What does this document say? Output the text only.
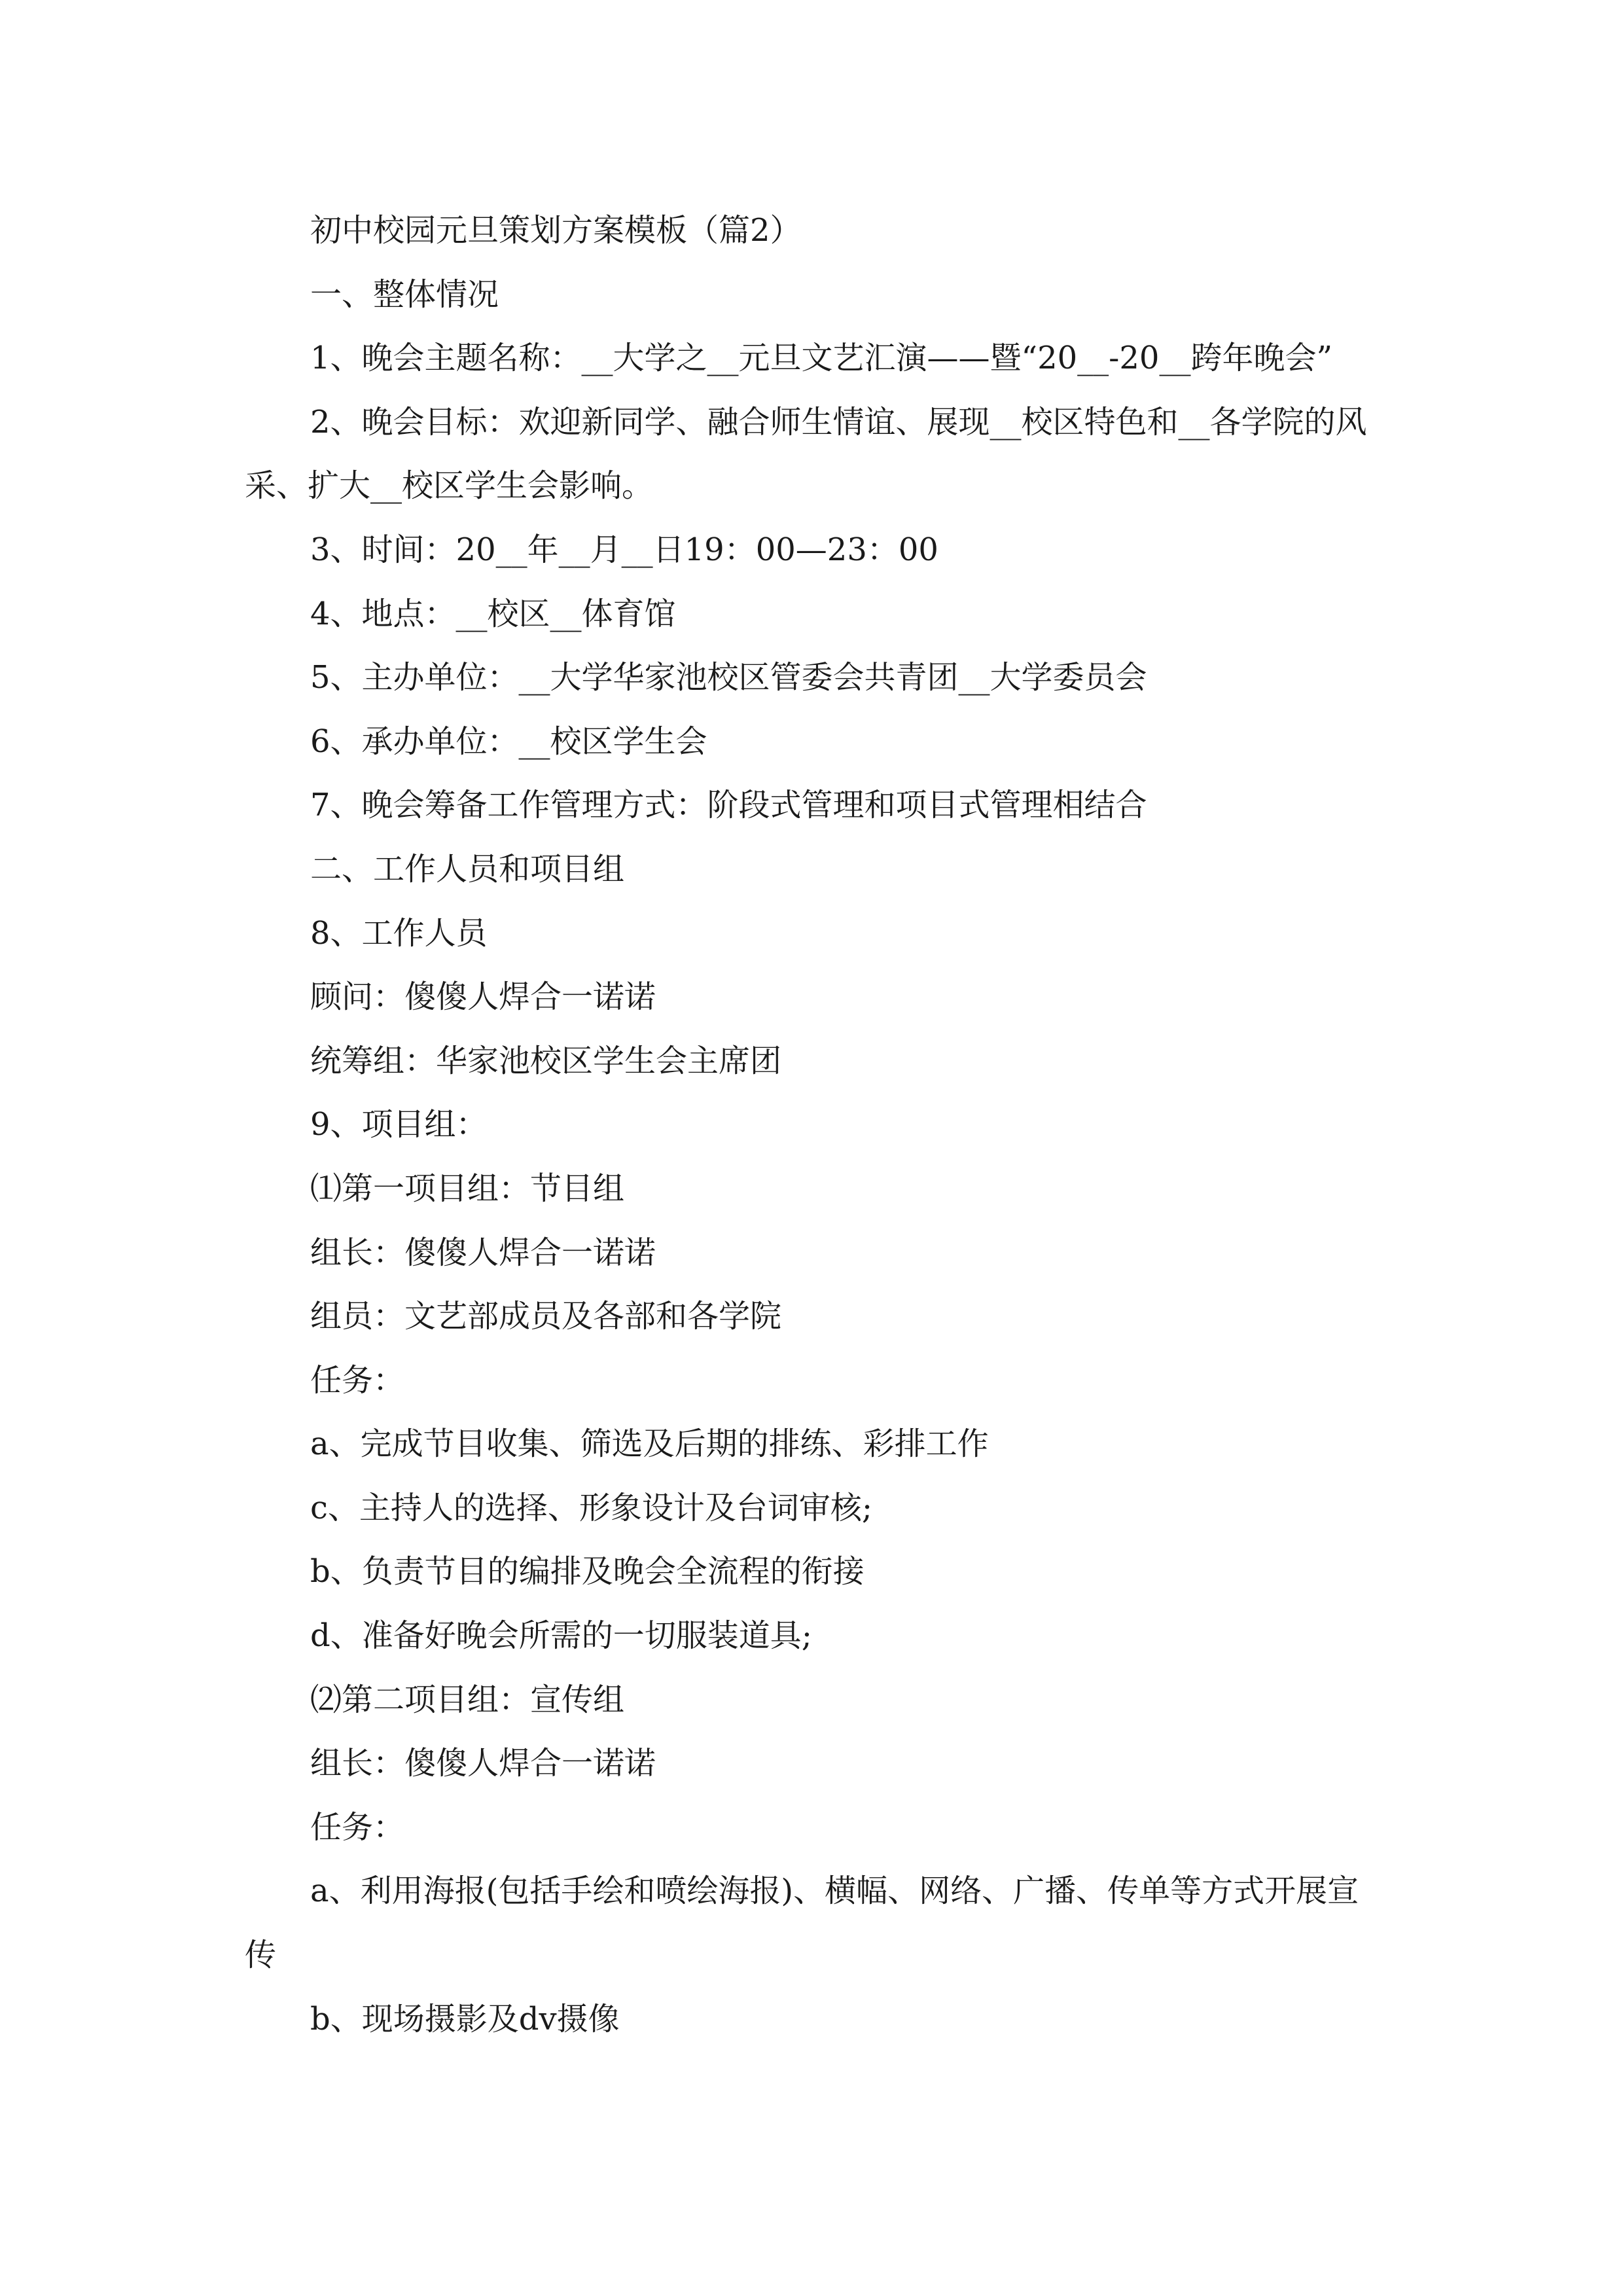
初中校园元旦策划方案模板（篇2）

一、整体情况

1、晚会主题名称：__大学之__元旦文艺汇演——暨“20__-20__跨年晚会”

2、晚会目标：欢迎新同学、融合师生情谊、展现__校区特色和__各学院的风采、扩大__校区学生会影响。

3、时间：20__年__月__日19：00—23：00

4、地点：__校区__体育馆

5、主办单位：__大学华家池校区管委会共青团__大学委员会

6、承办单位：__校区学生会

7、晚会筹备工作管理方式：阶段式管理和项目式管理相结合

二、工作人员和项目组

8、工作人员

顾问：傻傻人焊合一诺诺

统筹组：华家池校区学生会主席团

9、项目组：

⑴第一项目组：节目组

组长：傻傻人焊合一诺诺

组员：文艺部成员及各部和各学院

任务：

a、完成节目收集、筛选及后期的排练、彩排工作

c、主持人的选择、形象设计及台词审核;

b、负责节目的编排及晚会全流程的衔接

d、准备好晚会所需的一切服装道具;

⑵第二项目组：宣传组

组长：傻傻人焊合一诺诺

任务：

a、利用海报(包括手绘和喷绘海报)、横幅、网络、广播、传单等方式开展宣传

b、现场摄影及dv摄像
